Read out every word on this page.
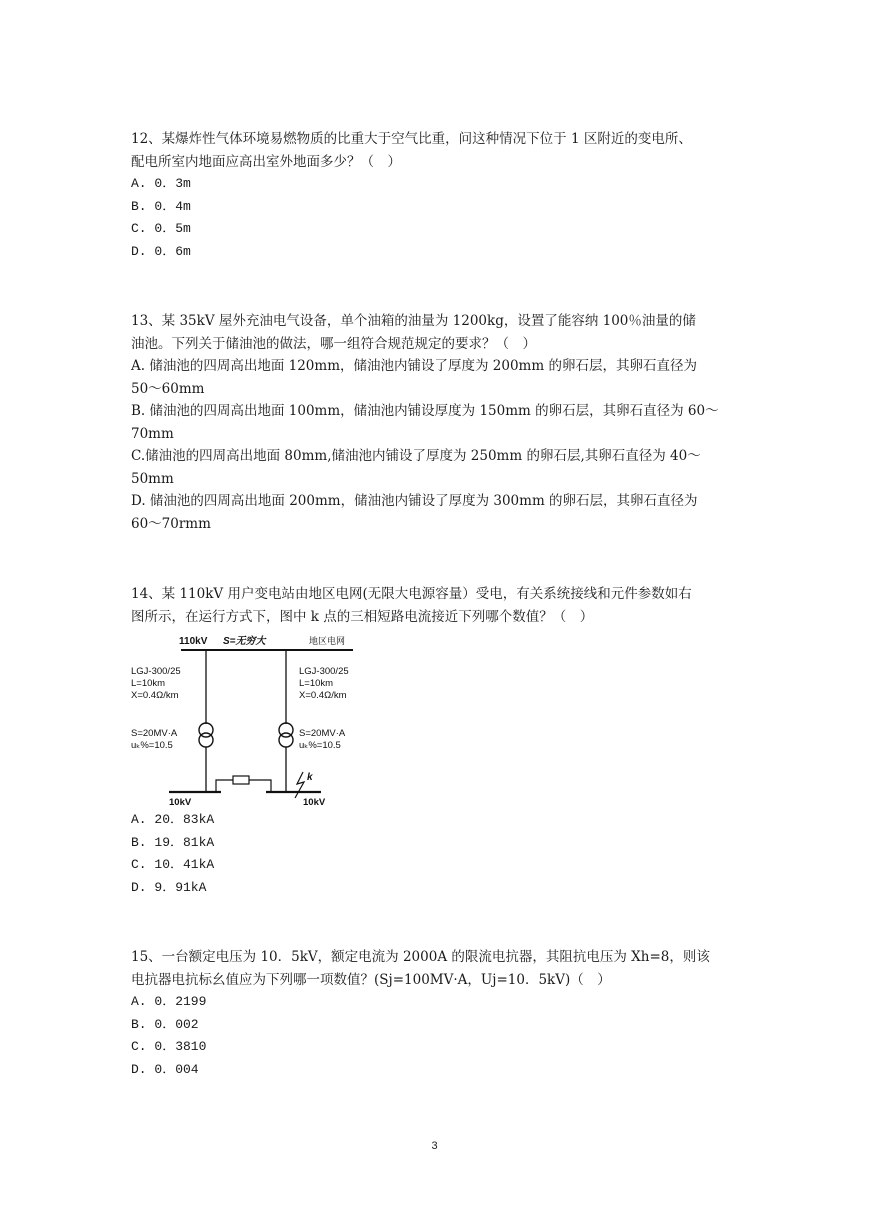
12、某爆炸性气体环境易燃物质的比重大于空气比重，问这种情况下位于 1 区附近的变电所、

配电所室内地面应高出室外地面多少？（　）

A. 0．3m

B. 0．4m

C. 0．5m

D. 0．6m

13、某 35kV 屋外充油电气设备，单个油箱的油量为 1200kg，设置了能容纳 100％油量的储

油池。下列关于储油池的做法，哪一组符合规范规定的要求？（　）

A. 储油池的四周高出地面 120mm，储油池内铺设了厚度为 200mm 的卵石层，其卵石直径为

50～60mm

B. 储油池的四周高出地面 100mm，储油池内铺设厚度为 150mm 的卵石层，其卵石直径为 60～

70mm

C.储油池的四周高出地面 80mm,储油池内铺设了厚度为 250mm 的卵石层,其卵石直径为 40～

50mm

D. 储油池的四周高出地面 200mm，储油池内铺设了厚度为 300mm 的卵石层，其卵石直径为

60～70rmm

14、某 110kV 用户变电站由地区电网(无限大电源容量）受电，有关系统接线和元件参数如右

图所示，在运行方式下，图中 k 点的三相短路电流接近下列哪个数值？（　）

110kV S=无穷大	地区电网
LGJ-300/25
L=10km
X=0.4Ω/km
LGJ-300/25
L=10km
X=0.4Ω/km
S=20MV·A
uₖ%=10.5
S=20MV·A
uₖ%=10.5
10kV	10kV
k

A. 20．83kA

B. 19．81kA

C. 10．41kA

D. 9．91kA

15、一台额定电压为 10．5kV，额定电流为 2000A 的限流电抗器，其阻抗电压为 Xh=8，则该

电抗器电抗标幺值应为下列哪一项数值？(Sj=100MV·A，Uj=10．5kV)（　）

A. 0．2199

B. 0．002

C. 0．3810

D. 0．004

3
